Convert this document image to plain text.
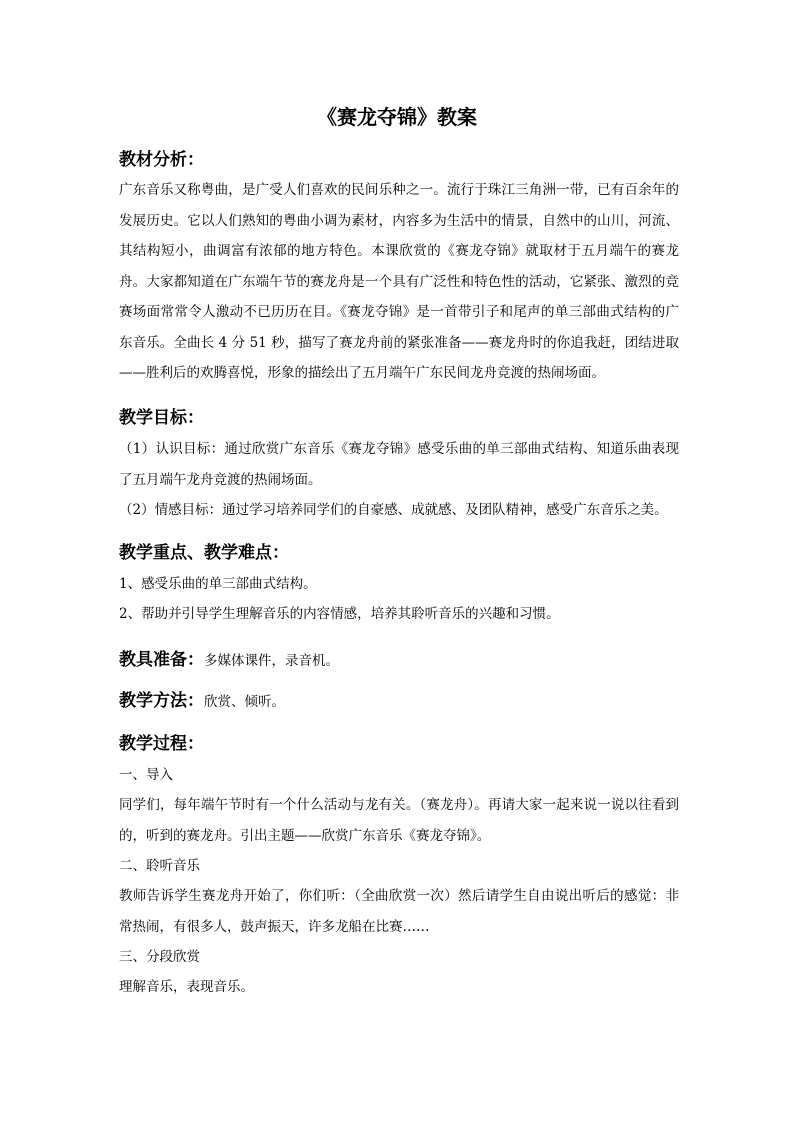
《赛龙夺锦》教案
教材分析：
广东音乐又称粤曲，是广受人们喜欢的民间乐种之一。流行于珠江三角洲一带，已有百余年的发展历史。它以人们熟知的粤曲小调为素材，内容多为生活中的情景，自然中的山川，河流、其结构短小，曲调富有浓郁的地方特色。本课欣赏的《赛龙夺锦》就取材于五月端午的赛龙舟。大家都知道在广东端午节的赛龙舟是一个具有广泛性和特色性的活动，它紧张、激烈的竞赛场面常常令人激动不已历历在目。《赛龙夺锦》是一首带引子和尾声的单三部曲式结构的广东音乐。全曲长 4 分 51 秒，描写了赛龙舟前的紧张准备——赛龙舟时的你追我赶，团结进取——胜利后的欢腾喜悦，形象的描绘出了五月端午广东民间龙舟竞渡的热闹场面。
教学目标：
（1）认识目标：通过欣赏广东音乐《赛龙夺锦》感受乐曲的单三部曲式结构、知道乐曲表现了五月端午龙舟竞渡的热闹场面。
（2）情感目标：通过学习培养同学们的自豪感、成就感、及团队精神，感受广东音乐之美。
教学重点、教学难点：
1、感受乐曲的单三部曲式结构。
2、帮助并引导学生理解音乐的内容情感，培养其聆听音乐的兴趣和习惯。
教具准备：多媒体课件，录音机。
教学方法：欣赏、倾听。
教学过程：
一、导入
同学们，每年端午节时有一个什么活动与龙有关。（赛龙舟）。再请大家一起来说一说以往看到的，听到的赛龙舟。引出主题——欣赏广东音乐《赛龙夺锦》。
二、聆听音乐
教师告诉学生赛龙舟开始了，你们听：（全曲欣赏一次）然后请学生自由说出听后的感觉：非常热闹，有很多人，鼓声振天，许多龙船在比赛……
三、分段欣赏
理解音乐，表现音乐。
